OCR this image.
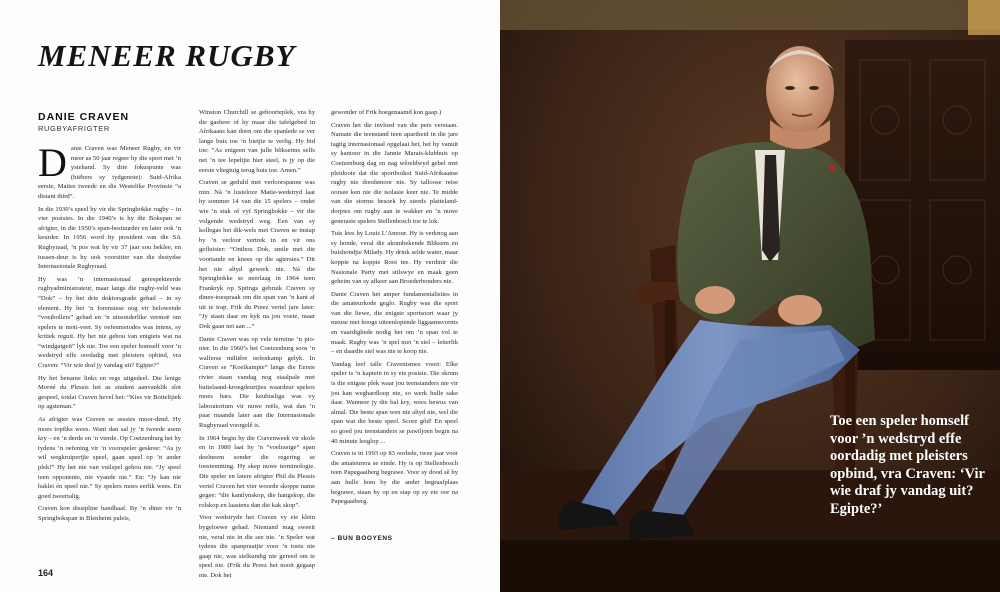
MENEER RUGBY
DANIE CRAVEN
RUGBYAFRIGTER

Danie Craven was Meneer Rugby, en vir meer as 50 jaar regeer hy die sport met ’n ystehand. Sy drie fokuspunte was (hiëbers sy tydgenote): Suid-Afrika eerste, Maties tweede en die Westelike Provinsie “a distant third”.

In die 1930’s speel hy vir die Springbokke rugby – in vier posisies. In die 1940’s is hy die Bokspan se afrigter, in die 1950’s span-bestuurder en later ook ’n keurder. In 1956 word hy president van die SA Rugbyraad, ’n pos wat hy vir 37 jaar sou beklee, en tussen-deur is hy ook voorsitter van die destydse Internasionale Rugbyraad.

Hy was ’n internasionaal gerespekteerde rugbyadministrateur, maar langs die rugby-veld was “Dok” – by het drie doktorsgrade gehad – in sy element. Hy het ’n forensiese oog vir belowende “voetbollers” gehad en ’n uitsonderlike vermoë om spelers te moti-veer. Sy oefenmetodes was intens, sy kritiek reguit. Hy het nie gehou van enigiets wat na “windgatgeit” lyk nie. Toe een speler homself voor ’n wedstryd effe oordadig met pleisters opbind, vra Craven: “Vir wie draf jy vandag uit? Egipte?”

Hy het bename links en regs uitgedeel. Die lenige Morné du Plessis het as student aanvanklik slot gespeel, totdat Craven hevel het: “Kies vir Botteltjiek op agsteman.”

As afrigter was Craven se sessies moor-dend. Hy moes topfiks wees. Want dan sal jy ’n tweede asem kry – en ’n derde en ’n vierde. Op Coetzenburg het hy tydens ’n oefening vir ’n voorspeler geskree: “As jy wil wegkruipertjie speel, gaan speel op ’n ander plek!” Hy het nie van vuilspel gehou nie. “Jy speel teen opponente, nie vyande nie.” En: “Jy kan nie baklei én speel nie.” Sy spelers moes eerlik wees. En goed tweertalig.

Craven kon dissipline handhaaf. By ’n diner vir ’n Springbokspan in Blenheim paleis,

Winston Churchill se geboorteplek, vra hy die gasheer of hy maar die tafelgebed in Afrikaans kan doen om die spanlede se ver lange buis toe ’n bietjie te verlig. Hy bid toe: “As enigeen van julle blikseims selfs net ’n tee lepeltjie hier steel, is jy op die eerste vliegtuig terug huis toe. Amen.”

Craven se geduld met verloorspanne was min. Ná ’n lusteloze Matie-wedstryd laat hy sommer 14 van die 15 spelers – ondet wie ’n stuk of vyf Springbokke – vir die volgende wedstryd weg. Een van sy kollegas het dik-wels met Craven se instap by ’n verloor vertrek in en vir ons gefluister: “Onthou Dok, smile met die voortande en knees op die agtersies.” Dit het nie altyd gewerk nie. Ná die Springbokke se neerlaag in 1964 teen Frankryk op Springs gebruik Craven sy dinee-toespraak om die span van ’n kant af uit te trap. Frik du Preez vertel jare later: “Jy staan daar en kyk na jou voete, maar Dok gaan net aan ...”

Danie Craven was op vele terreine ’n pio-nier. In die 1960’s het Coetzenburg soos ’n walferse militêre oefenkamp gelyk. In Craven se “Koeikampie” langs die Eerste rivier staan vandag nog staalpale met buitelaand-kroegdeurtjies waardeur spelers moes bars. Die keubusliga was vy laboratorium vir nuwe reëls, wat dan ’n paar maande later aan die Internasionale Rugbyraad voorgelê is.

In 1964 begin hy die Cravenweek vir skole en in 1980 laat hy ’n “voelrasige” span deelneem sonder die regering se toestemming. Hy skep nuwe terminologie. Die speler en latere afrigter Phil du Plessis vertel Craven het vier woorde skoppe name gegee: “die kantlynskop, die hangskop, die rolskop en laastens dan die kak skop”.

Voor wedstryde het Craven vy eie klein bygeloewe gehad. Niemand mag sweeit nie, veral nie in die see nie. ’n Speler wat tydens die spanpraatjie voor ’n toets nie gaap nie, was sielkundig nie gereed om te speel nie. (Frik du Preez het nooit gegaap nie. Dok het

gewonder of Frik hoegenaamd kon gaap.)

Craven het die invloed van die pers verstaan. Namate die teenstand teen apartheid in die jare tagtig internasionaal opgelaai het, het hy vanuit sy kantoor in die Jannie Marais-klubhuis op Coetzenburg dag en nag wêreldwyd gebel met pleidooie dat die sportboikot Suid-Afrikaanse rugby nie doodsmoor nie. Sy talloose reise oorsee ken nie die isolasie keer nie. Te midde van die storms besoek hy steeds platteland-dorpies om rugby aan te wakker en ’n nuwe generasie spelers Stellenbosch toe te lok.

Tuis lees hy Louis L’Amour. Hy is verknog aan sy honde, veral die akombekende Bliksem en buishondjie Milady. Hy drink selde water, maar koppie na koppie Rooi tee. Hy verdinir die Nasionale Party met stilswye en maak geen geheim van sy afkeer aan Broederbonders nie.

Danie Craven het amper fundamentalisties in die amateurkode geglo. Rugby was die sport van die liewe, die enigste sportsoort waar jy meuse met hoogs uiteenlopende liggaamsvorms en vaardighede nodig het om ’n span vol te maak. Rugby was ’n spel met ’n siel – letterlik – en daardie siel was nie te koop nie.

Vandag leef talle Cravenismes voort: Elke speler is ’n kaptein in sy eie posisie. Die skrum is die enigste plek waar jou teenstanders nie vir jou kan weghardloop nie, so werk hulle sake daar. Wanneer jy die bal kry, wees bewus van almal. Die beste span wen nie altyd nie, wel die span wat die beste speel. Score gôd! En speel so goed jou teenstanders se pawiljoen begin na 40 minute leeglop ...

Craven is in 1993 op 83 oorlede, twee jaar voor die amateurera se einde. Hy is op Stellenbosch teen Papegaaiberg begrawe. Voor sy dood sê hy aan hulle hom by die ander begraafplaas begrawe, staan hy op en stap op sy eie oor na Papegaaiberg.

– BUN BOOYENS
164
Toe een speler homself voor ’n wedstryd effe oordadig met pleisters opbind, vra Craven: ‘Vir wie draf jy vandag uit? Egipte?’
